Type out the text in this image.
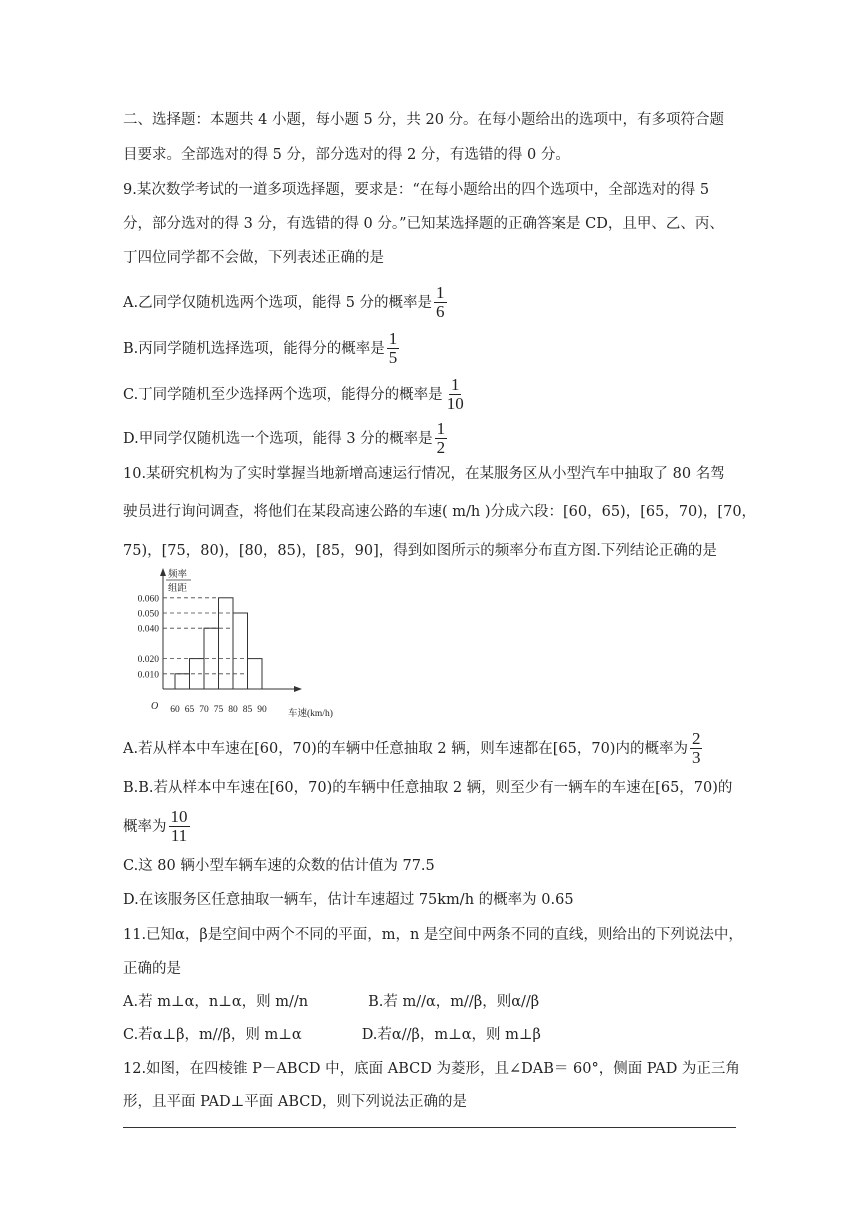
二、选择题：本题共 4 小题，每小题 5 分，共 20 分。在每小题给出的选项中，有多项符合题
目要求。全部选对的得 5 分，部分选对的得 2 分，有选错的得 0 分。
9.某次数学考试的一道多项选择题，要求是：“在每小题给出的四个选项中，全部选对的得 5
分，部分选对的得 3 分，有选错的得 0 分。”已知某选择题的正确答案是 CD，且甲、乙、丙、
丁四位同学都不会做，下列表述正确的是
A.乙同学仅随机选两个选项，能得 5 分的概率是 $\frac{1}{6}$
B.丙同学随机选择选项，能得分的概率是 $\frac{1}{5}$
C.丁同学随机至少选择两个选项，能得分的概率是 $\frac{1}{10}$
D.甲同学仅随机选一个选项，能得 3 分的概率是 $\frac{1}{2}$
10.某研究机构为了实时掌握当地新增高速运行情况，在某服务区从小型汽车中抽取了 80 名驾
驶员进行询问调查，将他们在某段高速公路的车速( m/h )分成六段：[60，65)，[65，70)，[70，
75)，[75，80)，[80，85)，[85，90]，得到如图所示的频率分布直方图.下列结论正确的是
频率
组距
O
0.010
0.020
0.040
0.050
0.060
60 65 70 75 80 85 90 车速(km/h)
A.若从样本中车速在[60，70)的车辆中任意抽取 2 辆，则车速都在[65，70)内的概率为 $\frac{2}{3}$
B.B.若从样本中车速在[60，70)的车辆中任意抽取 2 辆，则至少有一辆车的车速在[65，70)的
概率为 $\frac{10}{11}$
C.这 80 辆小型车辆车速的众数的估计值为 77.5
D.在该服务区任意抽取一辆车，估计车速超过 75km/h 的概率为 0.65
11.已知α，β是空间中两个不同的平面，m，n 是空间中两条不同的直线，则给出的下列说法中，
正确的是
A.若 m⊥α，n⊥α，则 m//n	B.若 m//α，m//β，则α//β
C.若α⊥β，m//β，则 m⊥α	D.若α//β，m⊥α，则 m⊥β
12.如图，在四棱锥 P－ABCD 中，底面 ABCD 为菱形，且∠DAB＝ 60°，侧面 PAD 为正三角
形，且平面 PAD⊥平面 ABCD，则下列说法正确的是
